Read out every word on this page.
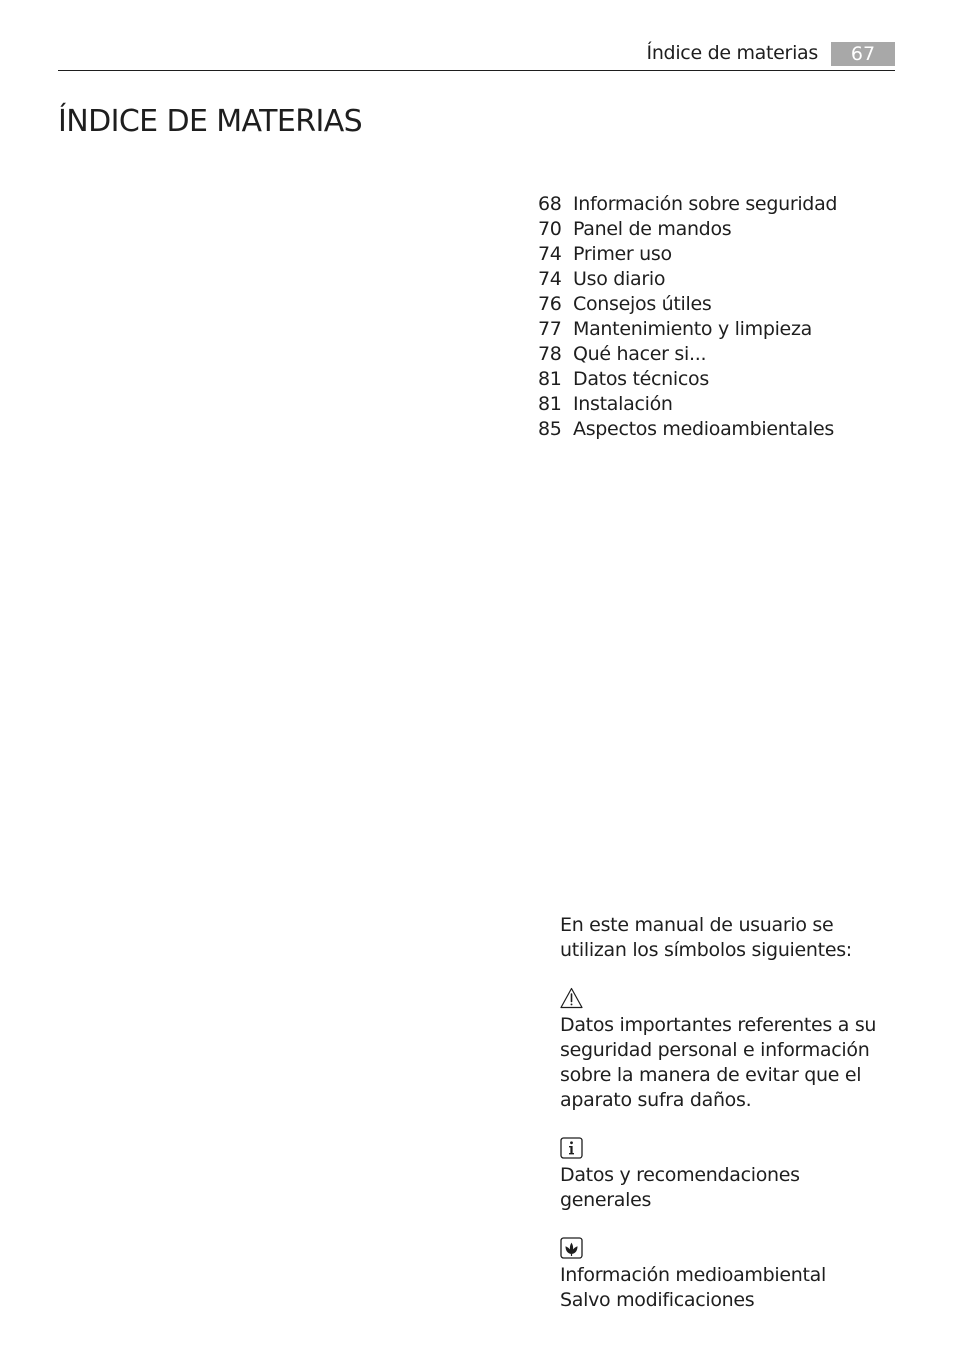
Índice de materias	67
ÍNDICE DE MATERIAS
68 Información sobre seguridad
70 Panel de mandos
74 Primer uso
74 Uso diario
76 Consejos útiles
77 Mantenimiento y limpieza
78 Qué hacer si...
81 Datos técnicos
81 Instalación
85 Aspectos medioambientales

En este manual de usuario se utilizan los símbolos siguientes:

Datos importantes referentes a su seguridad personal e información sobre la manera de evitar que el aparato sufra daños.

Datos y recomendaciones generales

Información medioambiental

Salvo modificaciones
